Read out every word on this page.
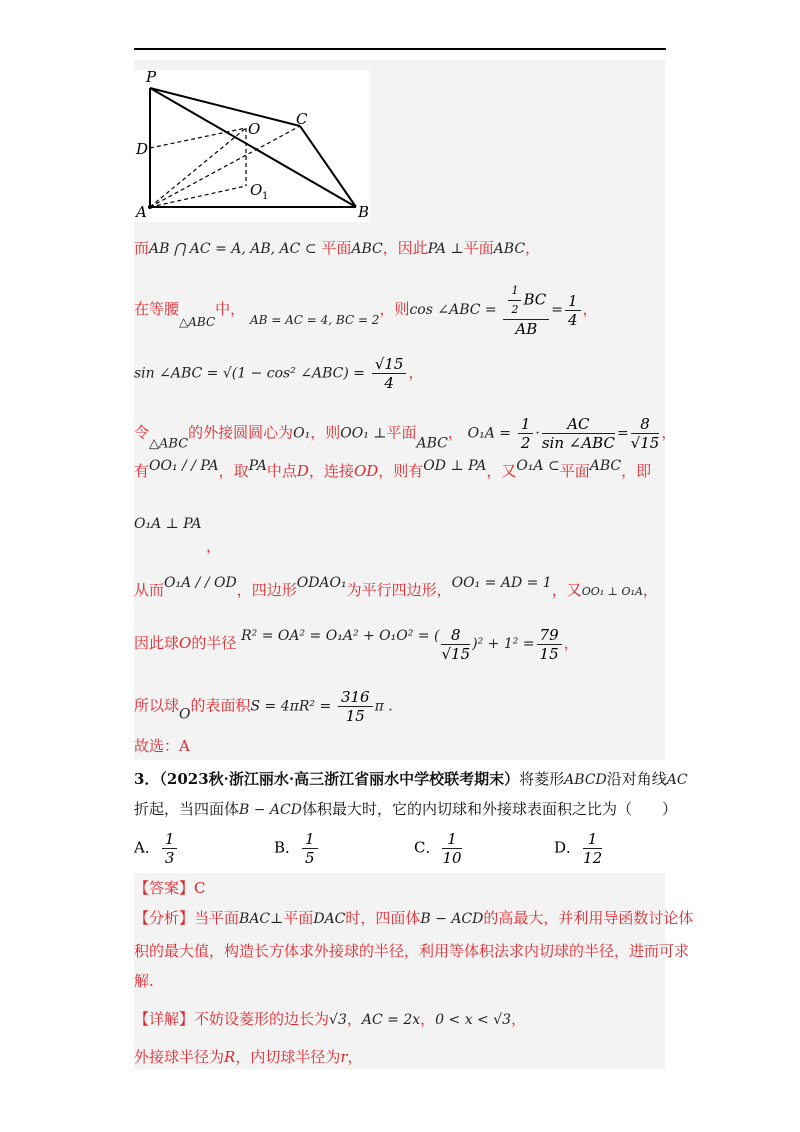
P
D
A
O
O 1
C
B
而AB ⋂ AC = A, AB, AC ⊂ 平面ABC，因此PA ⊥平面ABC，
在等腰$_{\triangle ABC}$中， $_{AB = AC = 4, BC = 2}$，则cos ∠ABC = $\frac{\frac{1}{2} BC}{AB} = \frac{1}{4}$ ，
sin ∠ABC = √(1 − cos² ∠ABC) = $\frac{√15}{4}$ ，
令△ABC的外接圆圆心为O₁，则OO₁ ⊥平面ABC， $O_1A = \frac{1}{2} \cdot \frac{AC}{\text{sin ∠ABC}} = \frac{8}{√15}$ ，
有OO₁ / / PA，取PA中点D，连接OD，则有OD ⊥ PA，又O₁A ⊂平面ABC，即
O₁A ⊥ PA
，
从而O₁A / / OD，四边形ODAO₁为平行四边形，OO₁ = AD = 1，又OO₁ ⊥ O₁A，
因此球O的半径 R² = OA² = O₁A² + O₁O² = ( $\frac{8}{√15} )^2 + 1^2 = \frac{79}{15}$ ，
所以球O的表面积$S = 4\pi R^2 = \frac{316}{15}$ π .
故选：A
3．（2023秋·浙江丽水·高三浙江省丽水中学校联考期末）将菱形ABCD沿对角线AC
折起，当四面体B − ACD体积最大时，它的内切球和外接球表面积之比为（　　）
A． $\frac{1}{3}$	B． $\frac{1}{5}$	C． $\frac{1}{10}$	D． $\frac{1}{12}$
【答案】C
【分析】当平面BAC⊥平面DAC时，四面体B − ACD的高最大，并利用导函数讨论体
积的最大值，构造长方体求外接球的半径，利用等体积法求内切球的半径，进而可求
解.
【详解】不妨设菱形的边长为√3，AC = 2x，0 < x < √3，
外接球半径为R，内切球半径为r，
